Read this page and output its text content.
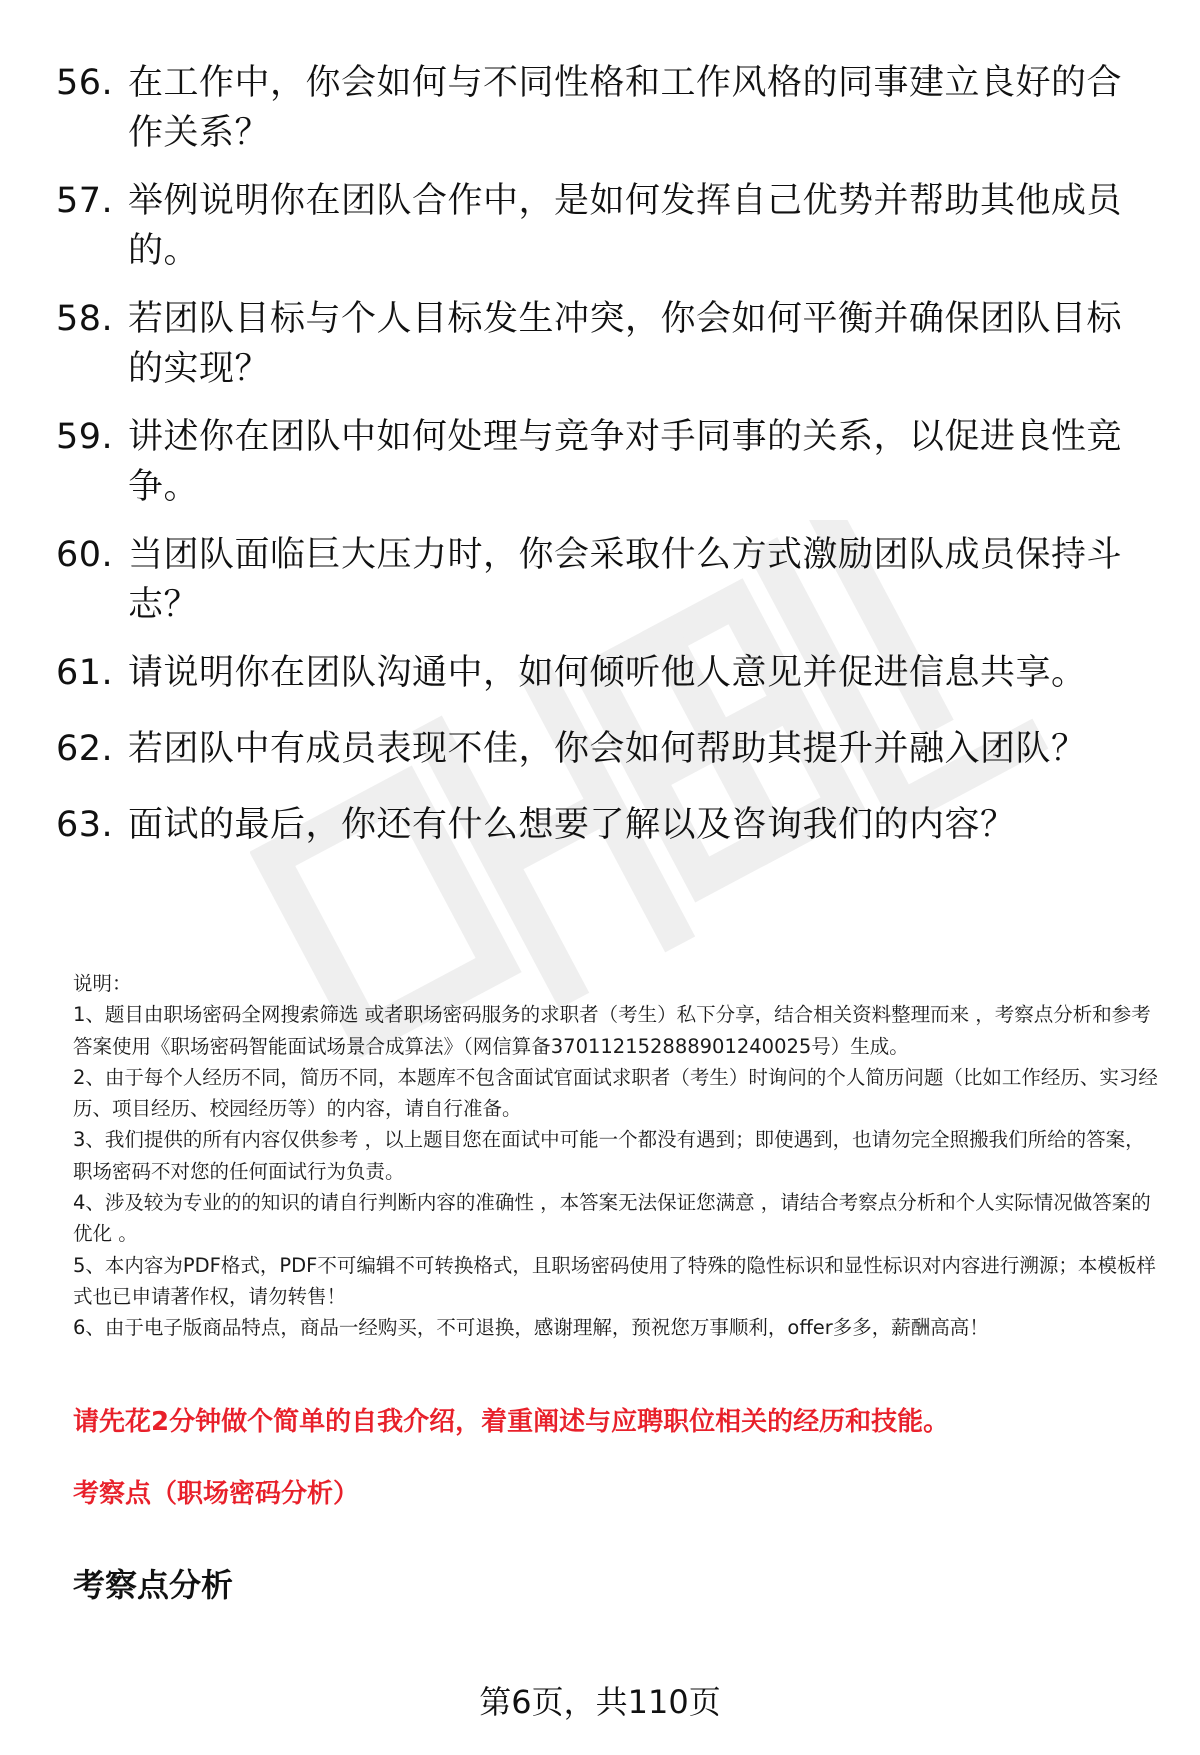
56. 在工作中，你会如何与不同性格和工作风格的同事建立良好的合作关系？
57. 举例说明你在团队合作中，是如何发挥自己优势并帮助其他成员的。
58. 若团队目标与个人目标发生冲突，你会如何平衡并确保团队目标的实现？
59. 讲述你在团队中如何处理与竞争对手同事的关系，以促进良性竞争。
60. 当团队面临巨大压力时，你会采取什么方式激励团队成员保持斗志？
61. 请说明你在团队沟通中，如何倾听他人意见并促进信息共享。
62. 若团队中有成员表现不佳，你会如何帮助其提升并融入团队？
63. 面试的最后，你还有什么想要了解以及咨询我们的内容？

说明：

1、题目由职场密码全网搜索筛选 或者职场密码服务的求职者（考生）私下分享，结合相关资料整理而来 ，考察点分析和参考答案使用《职场密码智能面试场景合成算法》（网信算备370112152888901240025号）生成。

2、由于每个人经历不同，简历不同，本题库不包含面试官面试求职者（考生）时询问的个人简历问题（比如工作经历、实习经历、项目经历、校园经历等）的内容，请自行准备。

3、我们提供的所有内容仅供参考 ，以上题目您在面试中可能一个都没有遇到；即使遇到，也请勿完全照搬我们所给的答案，职场密码不对您的任何面试行为负责。

4、涉及较为专业的的知识的请自行判断内容的准确性 ，本答案无法保证您满意 ，请结合考察点分析和个人实际情况做答案的优化 。

5、本内容为PDF格式，PDF不可编辑不可转换格式，且职场密码使用了特殊的隐性标识和显性标识对内容进行溯源；本模板样式也已申请著作权，请勿转售！

6、由于电子版商品特点，商品一经购买，不可退换，感谢理解，预祝您万事顺利，offer多多，薪酬高高！

请先花2分钟做个简单的自我介绍，着重阐述与应聘职位相关的经历和技能。
考察点（职场密码分析）
考察点分析
第6页，共110页
